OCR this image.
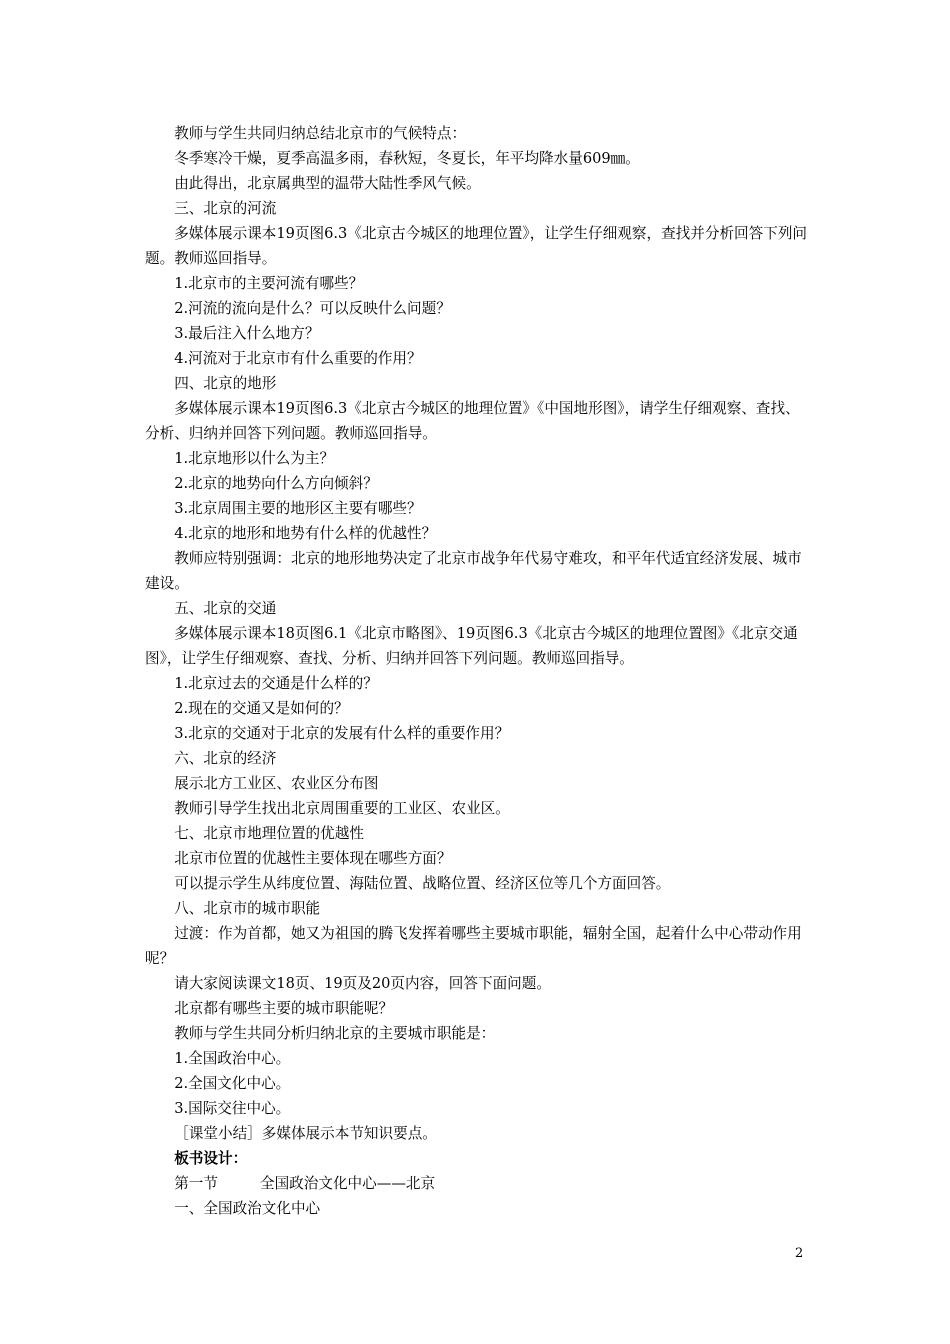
教师与学生共同归纳总结北京市的气候特点：

冬季寒冷干燥，夏季高温多雨，春秋短，冬夏长，年平均降水量609㎜。

由此得出，北京属典型的温带大陆性季风气候。

三、北京的河流

多媒体展示课本19页图6.3《北京古今城区的地理位置》，让学生仔细观察，查找并分析回答下列问题。教师巡回指导。

1.北京市的主要河流有哪些？

2.河流的流向是什么？可以反映什么问题？

3.最后注入什么地方？

4.河流对于北京市有什么重要的作用？

四、北京的地形

多媒体展示课本19页图6.3《北京古今城区的地理位置》《中国地形图》，请学生仔细观察、查找、分析、归纳并回答下列问题。教师巡回指导。

1.北京地形以什么为主？

2.北京的地势向什么方向倾斜？

3.北京周围主要的地形区主要有哪些？

4.北京的地形和地势有什么样的优越性？

教师应特别强调：北京的地形地势决定了北京市战争年代易守难攻，和平年代适宜经济发展、城市建设。

五、北京的交通

多媒体展示课本18页图6.1《北京市略图》、19页图6.3《北京古今城区的地理位置图》《北京交通图》，让学生仔细观察、查找、分析、归纳并回答下列问题。教师巡回指导。

1.北京过去的交通是什么样的？

2.现在的交通又是如何的？

3.北京的交通对于北京的发展有什么样的重要作用？

六、北京的经济

展示北方工业区、农业区分布图

教师引导学生找出北京周围重要的工业区、农业区。

七、北京市地理位置的优越性

北京市位置的优越性主要体现在哪些方面？

可以提示学生从纬度位置、海陆位置、战略位置、经济区位等几个方面回答。

八、北京市的城市职能

过渡：作为首都，她又为祖国的腾飞发挥着哪些主要城市职能，辐射全国，起着什么中心带动作用呢？

请大家阅读课文18页、19页及20页内容，回答下面问题。

北京都有哪些主要的城市职能呢？

教师与学生共同分析归纳北京的主要城市职能是：

1.全国政治中心。

2.全国文化中心。

3.国际交往中心。

［课堂小结］多媒体展示本节知识要点。

板书设计：

第一节	全国政治文化中心——北京

一、全国政治文化中心

2
